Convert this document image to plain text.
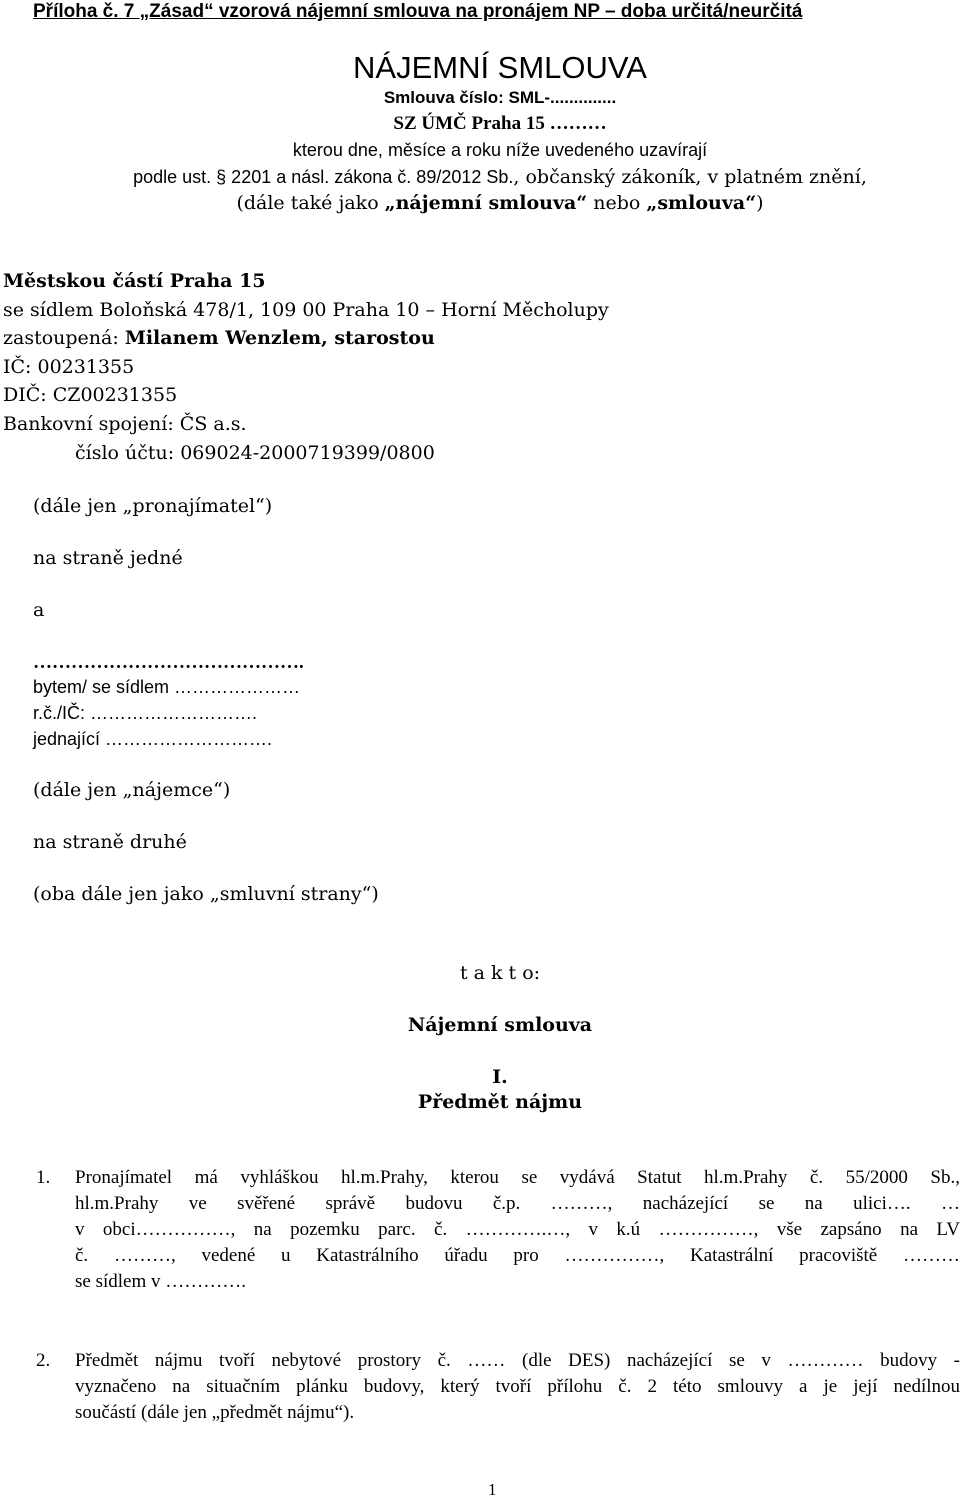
Příloha č. 7 „Zásad“ vzorová nájemní smlouva na pronájem NP – doba určitá/neurčitá
NÁJEMNÍ SMLOUVA
Smlouva číslo: SML-..............
SZ ÚMČ Praha 15 ………
kterou dne, měsíce a roku níže uvedeného uzavírají
podle ust. § 2201 a násl. zákona č. 89/2012 Sb., občanský zákoník, v platném znění,
(dále také jako „nájemní smlouva“ nebo „smlouva“)
Městskou částí Praha 15
se sídlem Boloňská 478/1, 109 00 Praha 10 – Horní Měcholupy
zastoupená: Milanem Wenzlem, starostou
IČ: 00231355
DIČ: CZ00231355
Bankovní spojení: ČS a.s.
číslo účtu: 069024-2000719399/0800
(dále jen „pronajímatel“)
na straně jedné
a
…………………………………….
bytem/ se sídlem …………………
r.č./IČ: ……………………….
jednající ……………………….
(dále jen „nájemce“)
na straně druhé
(oba dále jen jako „smluvní strany“)
t a k t o:
Nájemní smlouva
I.
Předmět nájmu
1. Pronajímatel má vyhláškou hl.m.Prahy, kterou se vydává Statut hl.m.Prahy č. 55/2000 Sb.,
hl.m.Prahy ve svěřené správě budovu č.p. ………, nacházející se na ulici…. …
v obci……………, na pozemku parc. č. ………….…, v k.ú ……………, vše zapsáno na LV
č. ………, vedené u Katastrálního úřadu pro ……………, Katastrální pracoviště ………
se sídlem v ………….
2. Předmět nájmu tvoří nebytové prostory č. …… (dle DES) nacházející se v ………… budovy -
vyznačeno na situačním plánku budovy, který tvoří přílohu č. 2 této smlouvy a je její nedílnou
součástí (dále jen „předmět nájmu“).
1
